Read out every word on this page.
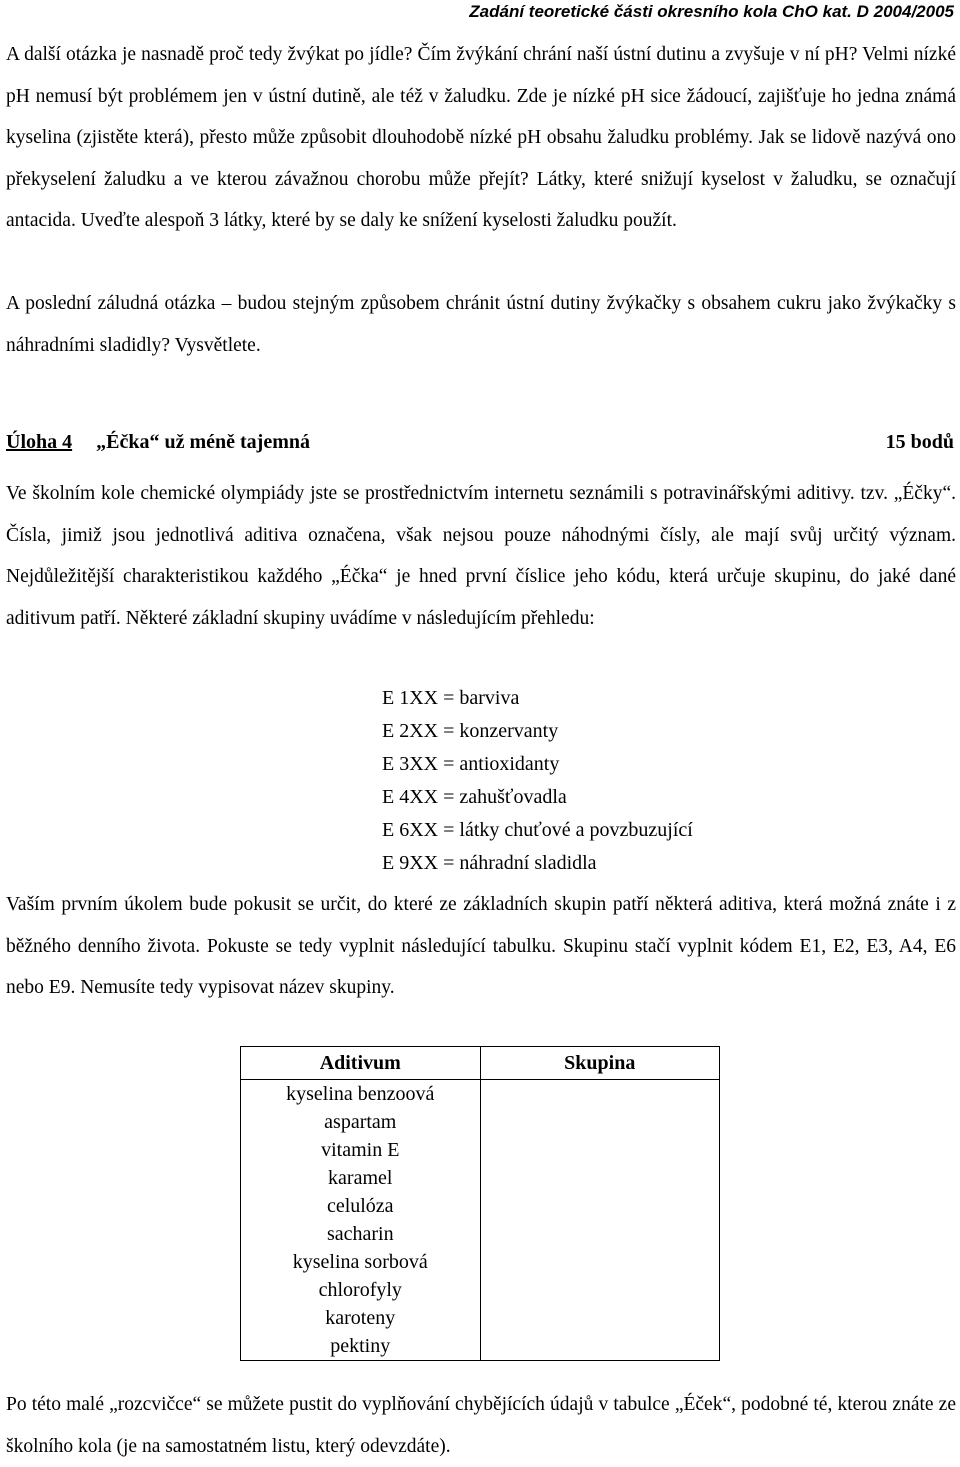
Zadání teoretické části okresního kola ChO kat. D 2004/2005

A další otázka je nasnadě proč tedy žvýkat po jídle? Čím žvýkání chrání naší ústní dutinu a zvyšuje v ní pH? Velmi nízké pH nemusí být problémem jen v ústní dutině, ale též v žaludku. Zde je nízké pH sice žádoucí, zajišťuje ho jedna známá kyselina (zjistěte která), přesto může způsobit dlouhodobě nízké pH obsahu žaludku problémy. Jak se lidově nazývá ono překyselení žaludku a ve kterou závažnou chorobu může přejít? Látky, které snižují kyselost v žaludku, se označují antacida. Uveďte alespoň 3 látky, které by se daly ke snížení kyselosti žaludku použít.

A poslední záludná otázka – budou stejným způsobem chránit ústní dutiny žvýkačky s obsahem cukru jako žvýkačky s náhradními sladidly? Vysvětlete.

Úloha 4 „Éčka“ už méně tajemná	15 bodů

Ve školním kole chemické olympiády jste se prostřednictvím internetu seznámili s potravinářskými aditivy. tzv. „Éčky“. Čísla, jimiž jsou jednotlivá aditiva označena, však nejsou pouze náhodnými čísly, ale mají svůj určitý význam. Nejdůležitější charakteristikou každého „Éčka“ je hned první číslice jeho kódu, která určuje skupinu, do jaké dané aditivum patří. Některé základní skupiny uvádíme v následujícím přehledu:

E 1XX = barviva
E 2XX = konzervanty
E 3XX = antioxidanty
E 4XX = zahušťovadla
E 6XX = látky chuťové a povzbuzující
E 9XX = náhradní sladidla

Vaším prvním úkolem bude pokusit se určit, do které ze základních skupin patří některá aditiva, která možná znáte i z běžného denního života. Pokuste se tedy vyplnit následující tabulku. Skupinu stačí vyplnit kódem E1, E2, E3, A4, E6 nebo E9. Nemusíte tedy vypisovat název skupiny.

Aditivum	Skupina
kyselina benzoová	
aspartam	
vitamin E	
karamel	
celulóza	
sacharin	
kyselina sorbová	
chlorofyly	
karoteny	
pektiny	

Po této malé „rozcvičce“ se můžete pustit do vyplňování chybějících údajů v tabulce „Éček“, podobné té, kterou znáte ze školního kola (je na samostatném listu, který odevzdáte).
